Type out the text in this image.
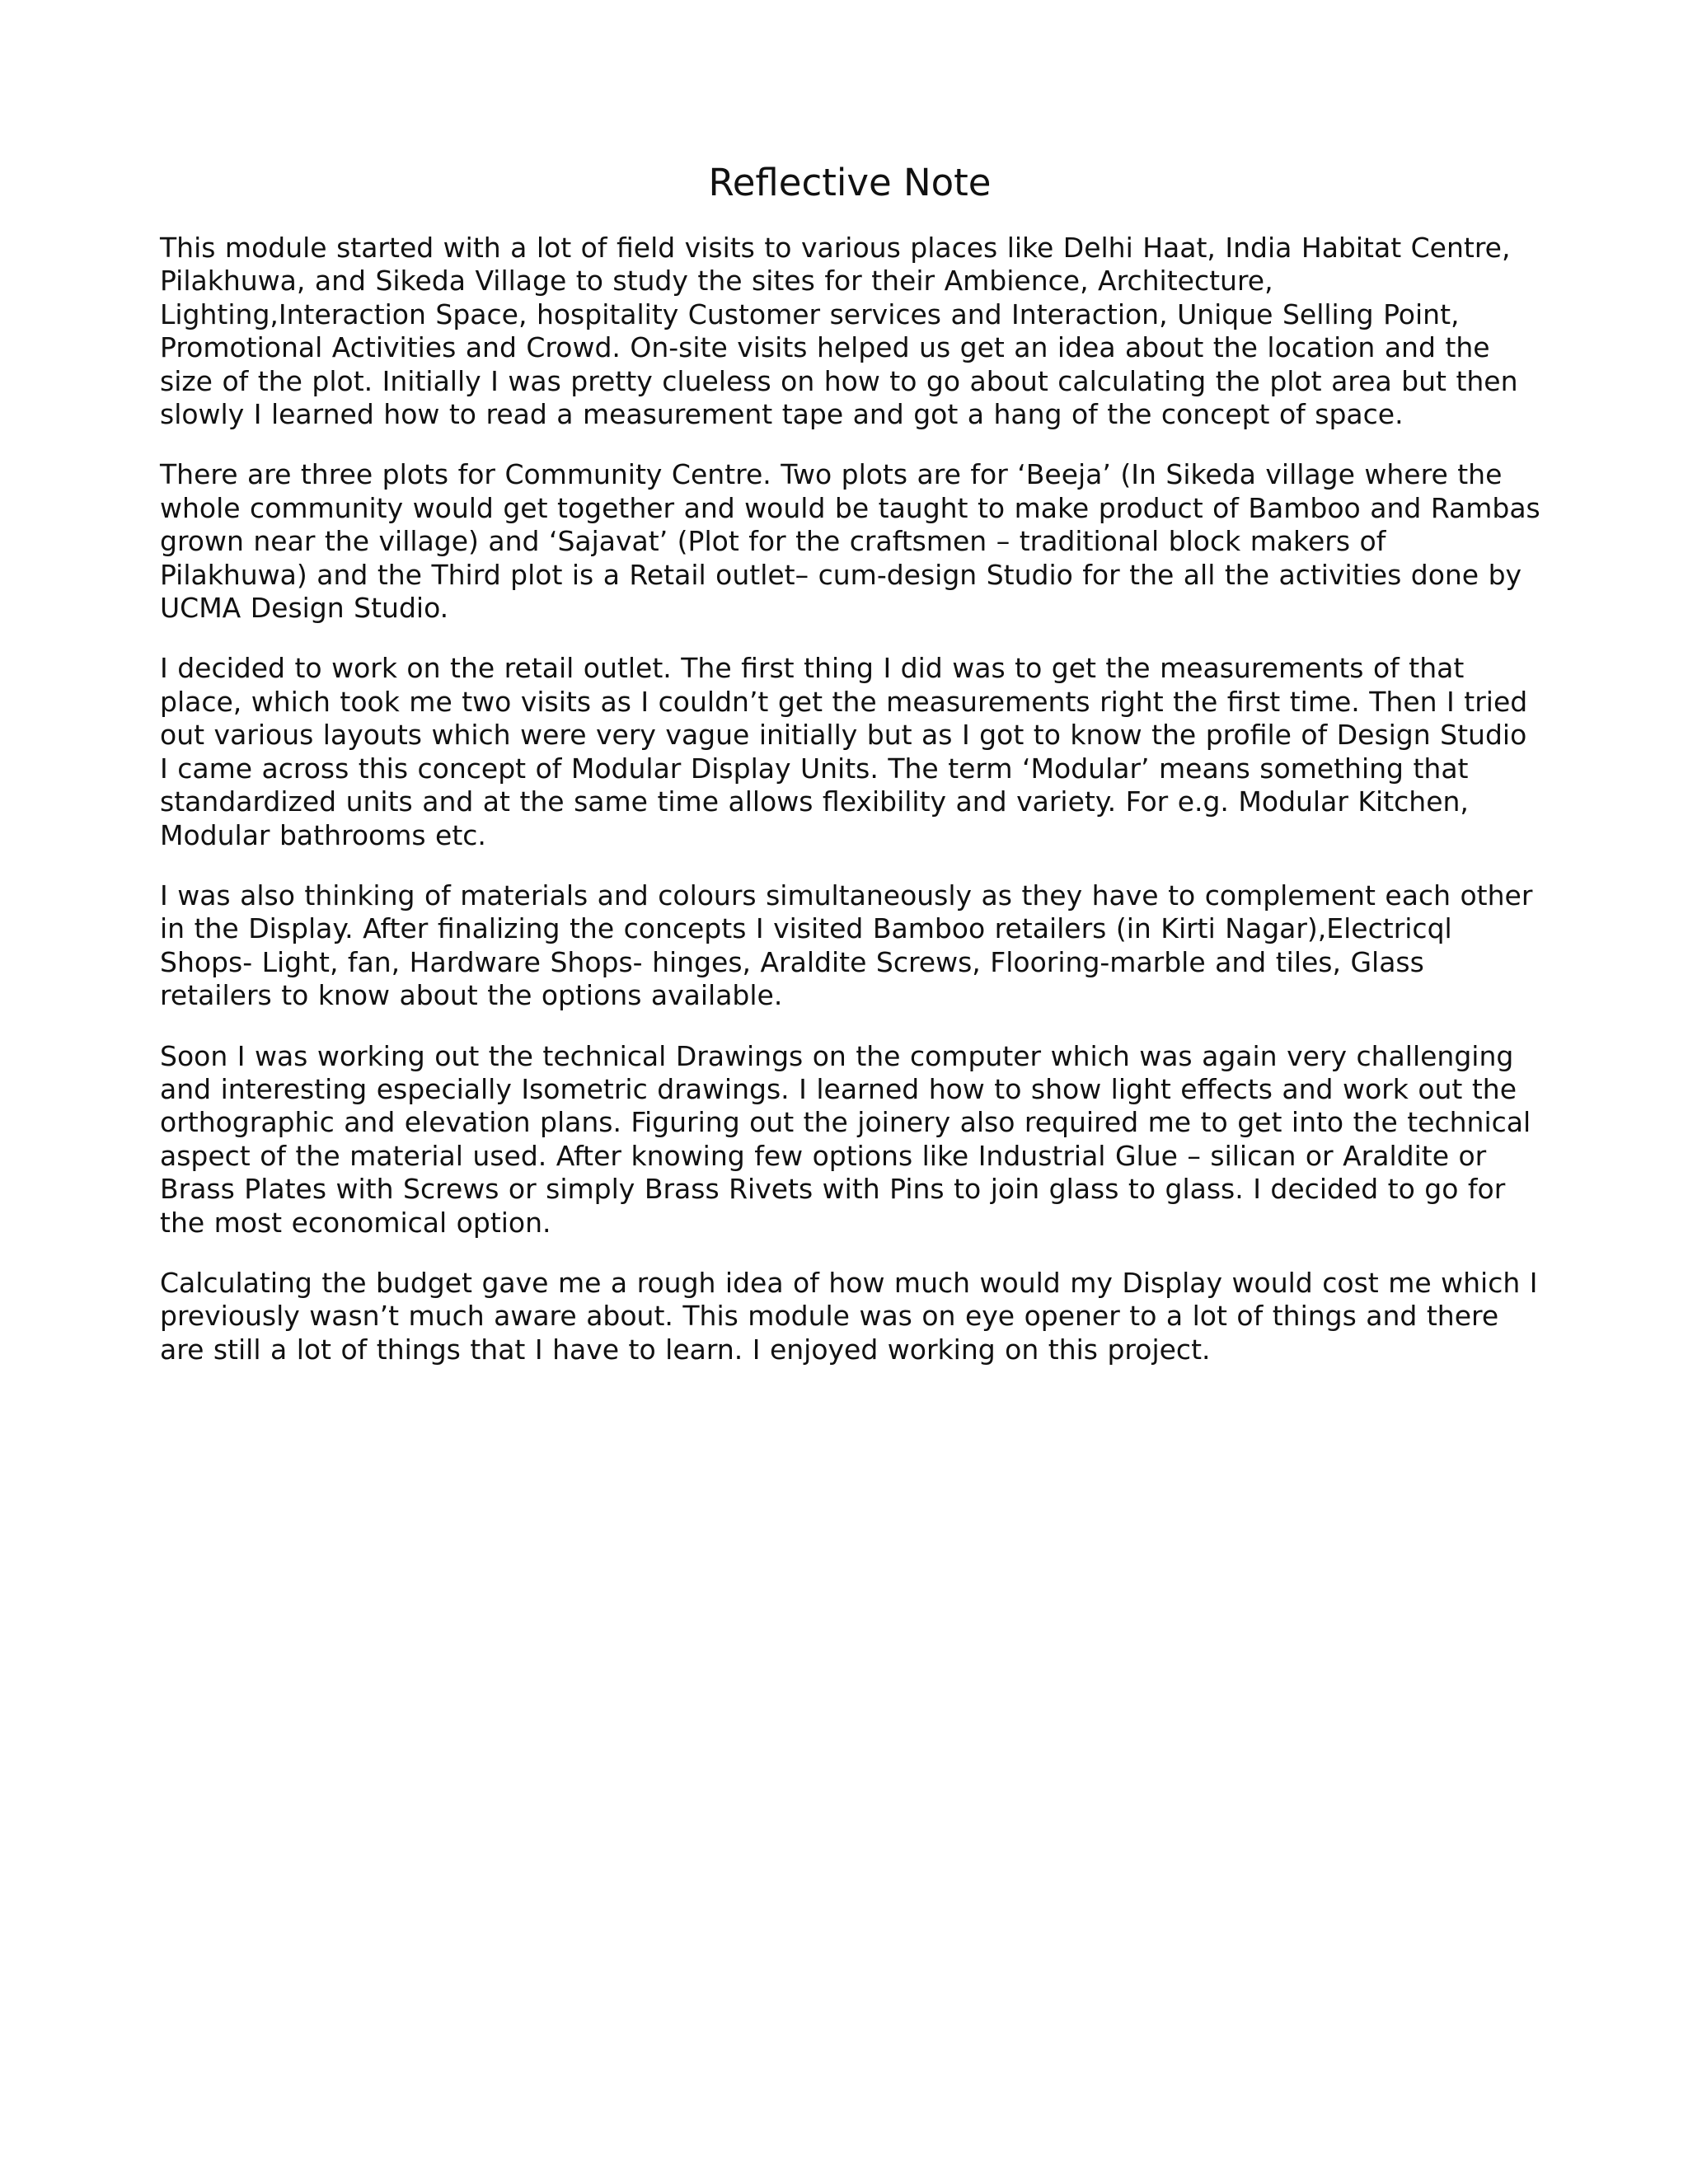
Reflective Note

This module started with a lot of field visits to various places like Delhi Haat, India Habitat Centre,
Pilakhuwa, and Sikeda Village to study the sites for their Ambience, Architecture,
Lighting,Interaction Space, hospitality Customer services and Interaction, Unique Selling Point,
Promotional Activities and Crowd. On-site visits helped us get an idea about the location and the
size of the plot. Initially I was pretty clueless on how to go about calculating the plot area but then
slowly I learned how to read a measurement tape and got a hang of the concept of space.

There are three plots for Community Centre. Two plots are for ‘Beeja’ (In Sikeda village where the
whole community would get together and would be taught to make product of Bamboo and Rambas
grown near the village) and ‘Sajavat’ (Plot for the craftsmen – traditional block makers of
Pilakhuwa) and the Third plot is a Retail outlet– cum-design Studio for the all the activities done by
UCMA Design Studio.

I decided to work on the retail outlet. The first thing I did was to get the measurements of that
place, which took me two visits as I couldn’t get the measurements right the first time. Then I tried
out various layouts which were very vague initially but as I got to know the profile of Design Studio
I came across this concept of Modular Display Units. The term ‘Modular’ means something that
standardized units and at the same time allows flexibility and variety. For e.g. Modular Kitchen,
Modular bathrooms etc.

I was also thinking of materials and colours simultaneously as they have to complement each other
in the Display. After finalizing the concepts I visited Bamboo retailers (in Kirti Nagar),Electricql
Shops- Light, fan, Hardware Shops- hinges, Araldite Screws, Flooring-marble and tiles, Glass
retailers to know about the options available.

Soon I was working out the technical Drawings on the computer which was again very challenging
and interesting especially Isometric drawings. I learned how to show light effects and work out the
orthographic and elevation plans. Figuring out the joinery also required me to get into the technical
aspect of the material used. After knowing few options like Industrial Glue – silican or Araldite or
Brass Plates with Screws or simply Brass Rivets with Pins to join glass to glass. I decided to go for
the most economical option.

Calculating the budget gave me a rough idea of how much would my Display would cost me which I
previously wasn’t much aware about. This module was on eye opener to a lot of things and there
are still a lot of things that I have to learn. I enjoyed working on this project.
